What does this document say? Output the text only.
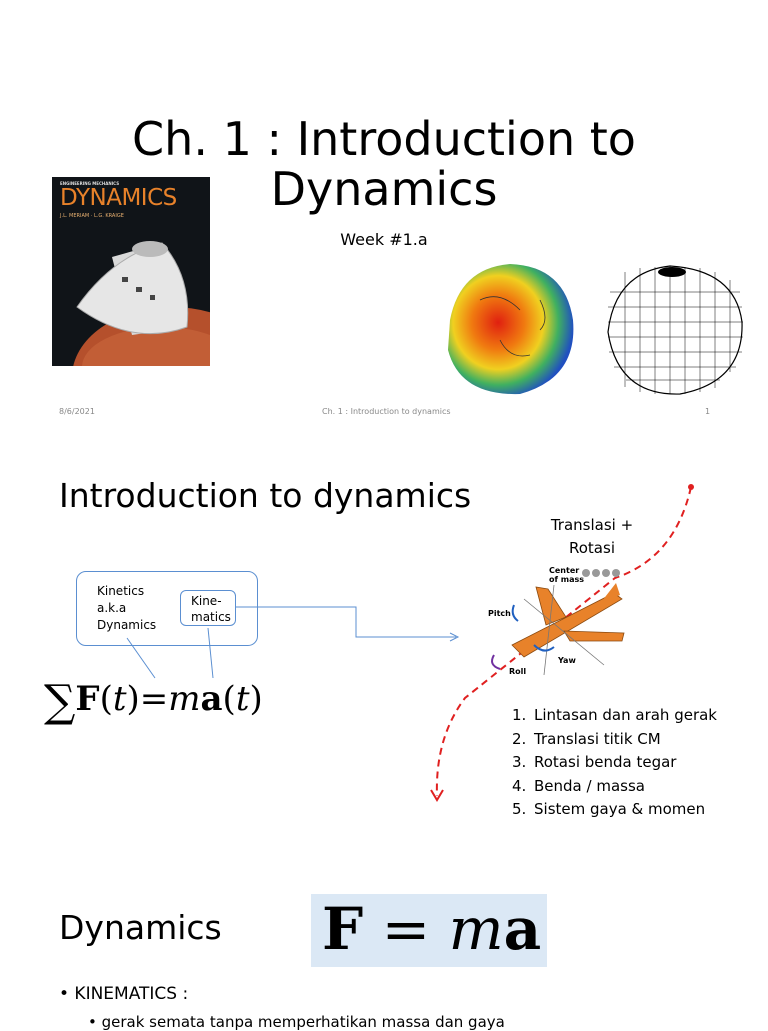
Ch. 1 : Introduction to
Dynamics
Week #1.a
ENGINEERING MECHANICS
DYNAMICS
J.L. MERIAM · L.G. KRAIGE
8/6/2021	Ch. 1 : Introduction to dynamics	1
Introduction to dynamics
Kinetics
a.k.a
Dynamics
Kine-
matics
∑F(t)=ma(t)
Translasi +
Rotasi
Center of mass
Pitch
Yaw
Roll
1. Lintasan dan arah gerak
2. Translasi titik CM
3. Rotasi benda tegar
4. Benda / massa
5. Sistem gaya & momen
Dynamics F = ma
• KINEMATICS :
• gerak semata tanpa memperhatikan massa dan gaya
